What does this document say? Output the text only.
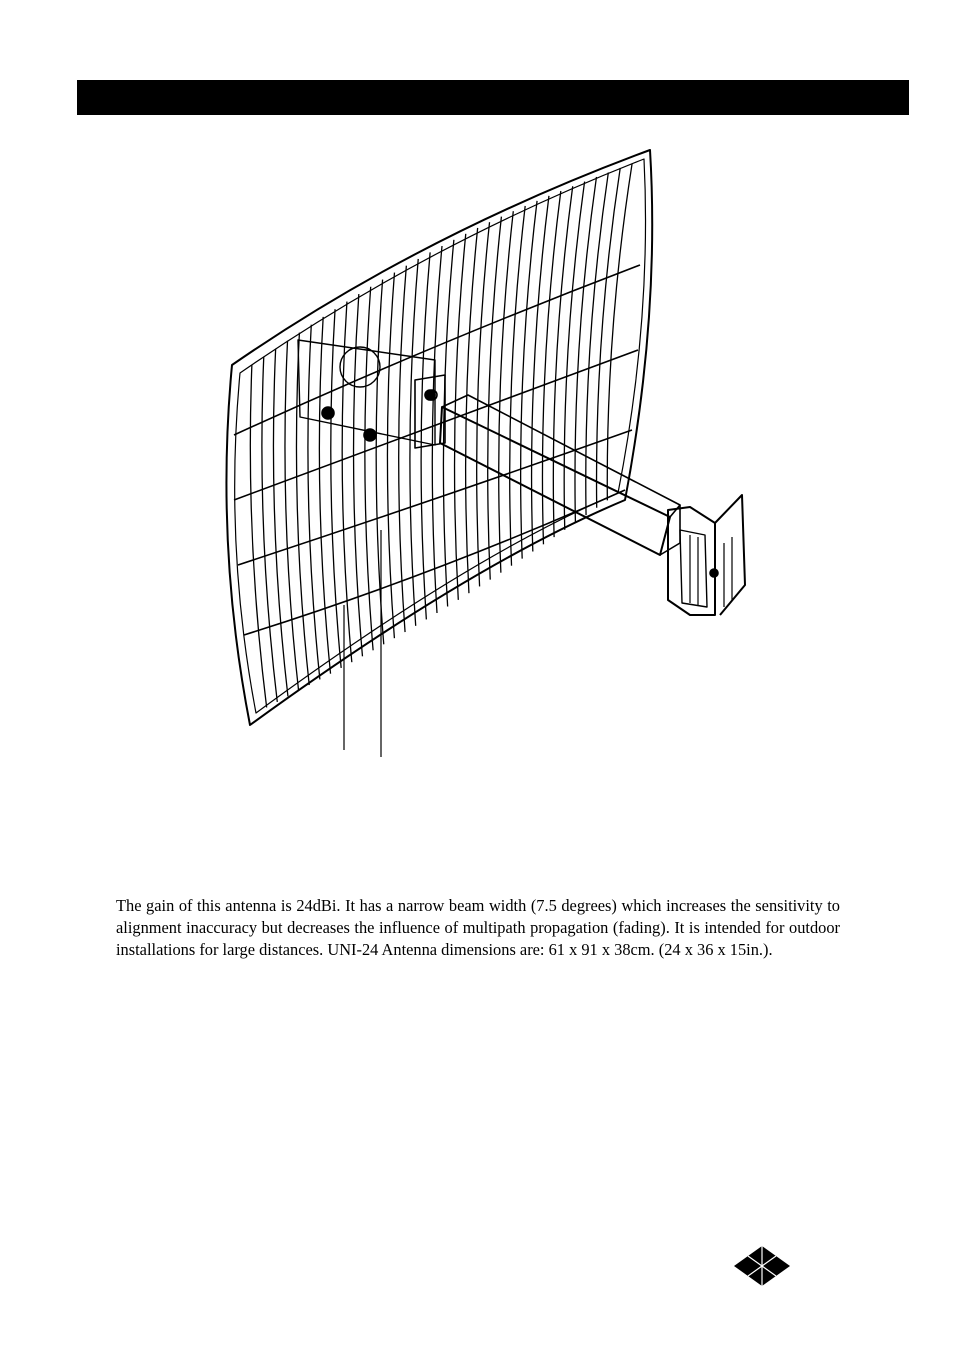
The gain of this antenna is 24dBi. It has a narrow beam width (7.5 degrees) which increases the sensitivity to alignment inaccuracy but decreases the influence of multipath propagation (fading). It is intended for outdoor installations for large distances. UNI-24 Antenna dimensions are: 61 x 91 x 38cm. (24 x 36 x 15in.).
